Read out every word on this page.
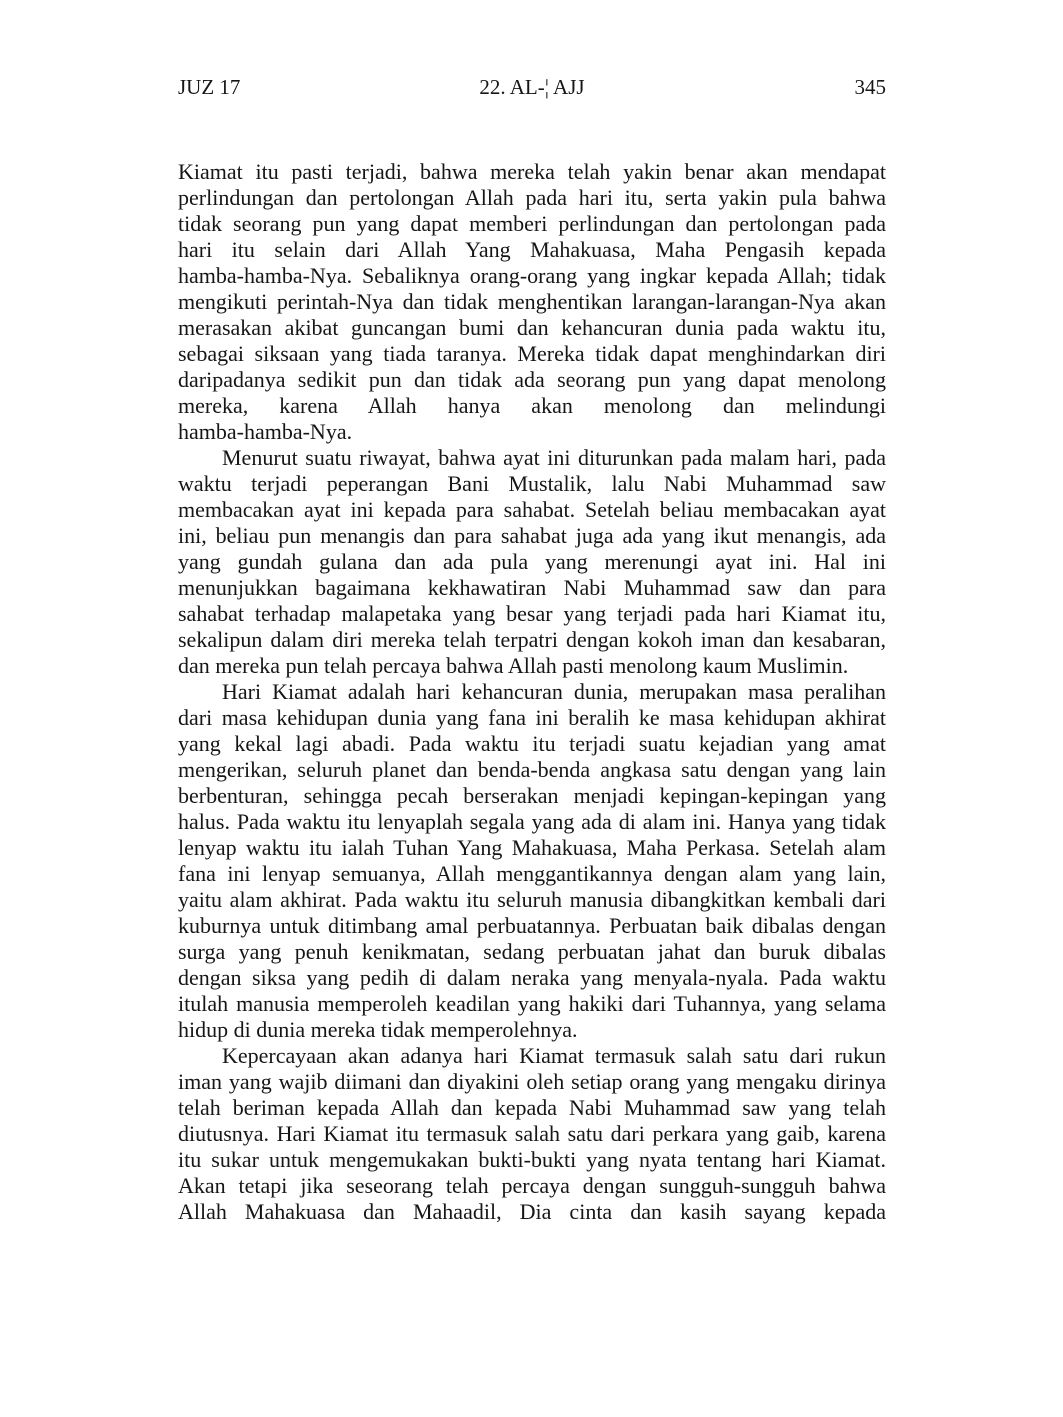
JUZ 17	22. AL-¦ AJJ	345
Kiamat itu pasti terjadi, bahwa mereka telah yakin benar akan mendapat
perlindungan dan pertolongan Allah pada hari itu, serta yakin pula bahwa
tidak seorang pun yang dapat memberi perlindungan dan pertolongan pada
hari itu selain dari Allah Yang Mahakuasa, Maha Pengasih kepada
hamba-hamba-Nya. Sebaliknya orang-orang yang ingkar kepada Allah; tidak
mengikuti perintah-Nya dan tidak menghentikan larangan-larangan-Nya akan
merasakan akibat guncangan bumi dan kehancuran dunia pada waktu itu,
sebagai siksaan yang tiada taranya. Mereka tidak dapat menghindarkan diri
daripadanya sedikit pun dan tidak ada seorang pun yang dapat menolong
mereka, karena Allah hanya akan menolong dan melindungi
hamba-hamba-Nya.
Menurut suatu riwayat, bahwa ayat ini diturunkan pada malam hari, pada
waktu terjadi peperangan Bani Mustalik, lalu Nabi Muhammad saw
membacakan ayat ini kepada para sahabat. Setelah beliau membacakan ayat
ini, beliau pun menangis dan para sahabat juga ada yang ikut menangis, ada
yang gundah gulana dan ada pula yang merenungi ayat ini. Hal ini
menunjukkan bagaimana kekhawatiran Nabi Muhammad saw dan para
sahabat terhadap malapetaka yang besar yang terjadi pada hari Kiamat itu,
sekalipun dalam diri mereka telah terpatri dengan kokoh iman dan kesabaran,
dan mereka pun telah percaya bahwa Allah pasti menolong kaum Muslimin.
Hari Kiamat adalah hari kehancuran dunia, merupakan masa peralihan
dari masa kehidupan dunia yang fana ini beralih ke masa kehidupan akhirat
yang kekal lagi abadi. Pada waktu itu terjadi suatu kejadian yang amat
mengerikan, seluruh planet dan benda-benda angkasa satu dengan yang lain
berbenturan, sehingga pecah berserakan menjadi kepingan-kepingan yang
halus. Pada waktu itu lenyaplah segala yang ada di alam ini. Hanya yang tidak
lenyap waktu itu ialah Tuhan Yang Mahakuasa, Maha Perkasa. Setelah alam
fana ini lenyap semuanya, Allah menggantikannya dengan alam yang lain,
yaitu alam akhirat. Pada waktu itu seluruh manusia dibangkitkan kembali dari
kuburnya untuk ditimbang amal perbuatannya. Perbuatan baik dibalas dengan
surga yang penuh kenikmatan, sedang perbuatan jahat dan buruk dibalas
dengan siksa yang pedih di dalam neraka yang menyala-nyala. Pada waktu
itulah manusia memperoleh keadilan yang hakiki dari Tuhannya, yang selama
hidup di dunia mereka tidak memperolehnya.
Kepercayaan akan adanya hari Kiamat termasuk salah satu dari rukun
iman yang wajib diimani dan diyakini oleh setiap orang yang mengaku dirinya
telah beriman kepada Allah dan kepada Nabi Muhammad saw yang telah
diutusnya. Hari Kiamat itu termasuk salah satu dari perkara yang gaib, karena
itu sukar untuk mengemukakan bukti-bukti yang nyata tentang hari Kiamat.
Akan tetapi jika seseorang telah percaya dengan sungguh-sungguh bahwa
Allah Mahakuasa dan Mahaadil, Dia cinta dan kasih sayang kepada
